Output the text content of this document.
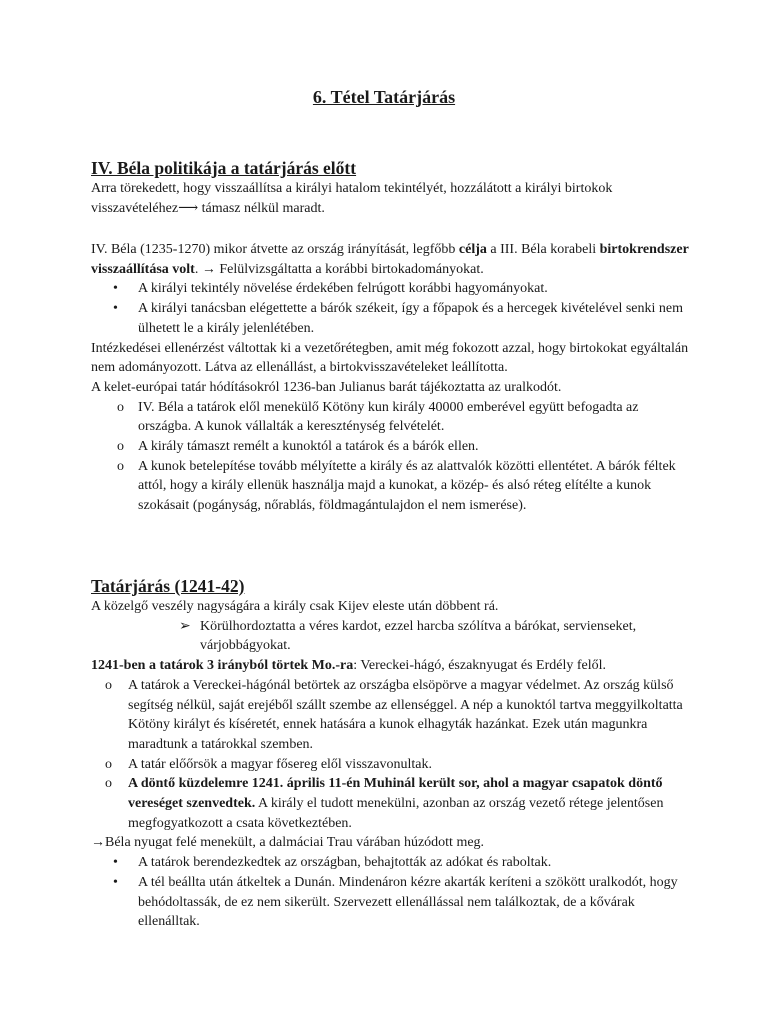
6. Tétel Tatárjárás
IV. Béla politikája a tatárjárás előtt

Arra törekedett, hogy visszaállítsa a királyi hatalom tekintélyét, hozzálátott a királyi birtokok visszavételéhez⟶ támasz nélkül maradt.

IV. Béla (1235-1270) mikor átvette az ország irányítását, legfőbb célja a III. Béla korabeli birtokrendszer visszaállítása volt. → Felülvizsgáltatta a korábbi birtokadományokat.

• A királyi tekintély növelése érdekében felrúgott korábbi hagyományokat.
• A királyi tanácsban elégettette a bárók székeit, így a főpapok és a hercegek kivételével senki nem ülhetett le a király jelenlétében.

Intézkedései ellenérzést váltottak ki a vezetőrétegben, amit még fokozott azzal, hogy birtokokat egyáltalán nem adományozott. Látva az ellenállást, a birtokvisszavételeket leállította.

A kelet-európai tatár hódításokról 1236-ban Julianus barát tájékoztatta az uralkodót.

o IV. Béla a tatárok elől menekülő Kötöny kun király 40000 emberével együtt befogadta az országba. A kunok vállalták a kereszténység felvételét.
o A király támaszt remélt a kunoktól a tatárok és a bárók ellen.
o A kunok betelepítése tovább mélyítette a király és az alattvalók közötti ellentétet. A bárók féltek attól, hogy a király ellenük használja majd a kunokat, a közép- és alsó réteg elítélte a kunok szokásait (pogányság, nőrablás, földmagántulajdon el nem ismerése).
Tatárjárás (1241-42)

A közelgő veszély nagyságára a király csak Kijev eleste után döbbent rá.

➢ Körülhordoztatta a véres kardot, ezzel harcba szólítva a bárókat, servienseket, várjobbágyokat.

1241-ben a tatárok 3 irányból törtek Mo.-ra: Vereckei-hágó, északnyugat és Erdély felől.

o A tatárok a Vereckei-hágónál betörtek az országba elsöpörve a magyar védelmet. Az ország külső segítség nélkül, saját erejéből szállt szembe az ellenséggel. A nép a kunoktól tartva meggyilkoltatta Kötöny királyt és kíséretét, ennek hatására a kunok elhagyták hazánkat. Ezek után magunkra maradtunk a tatárokkal szemben.
o A tatár előőrsök a magyar fősereg elől visszavonultak.
o A döntő küzdelemre 1241. április 11-én Muhinál került sor, ahol a magyar csapatok döntő vereséget szenvedtek. A király el tudott menekülni, azonban az ország vezető rétege jelentősen megfogyatkozott a csata következtében.

→Béla nyugat felé menekült, a dalmáciai Trau várában húzódott meg.

• A tatárok berendezkedtek az országban, behajtották az adókat és raboltak.
• A tél beállta után átkeltek a Dunán. Mindenáron kézre akarták keríteni a szökött uralkodót, hogy behódoltassák, de ez nem sikerült. Szervezett ellenállással nem találkoztak, de a kővárak ellenálltak.
